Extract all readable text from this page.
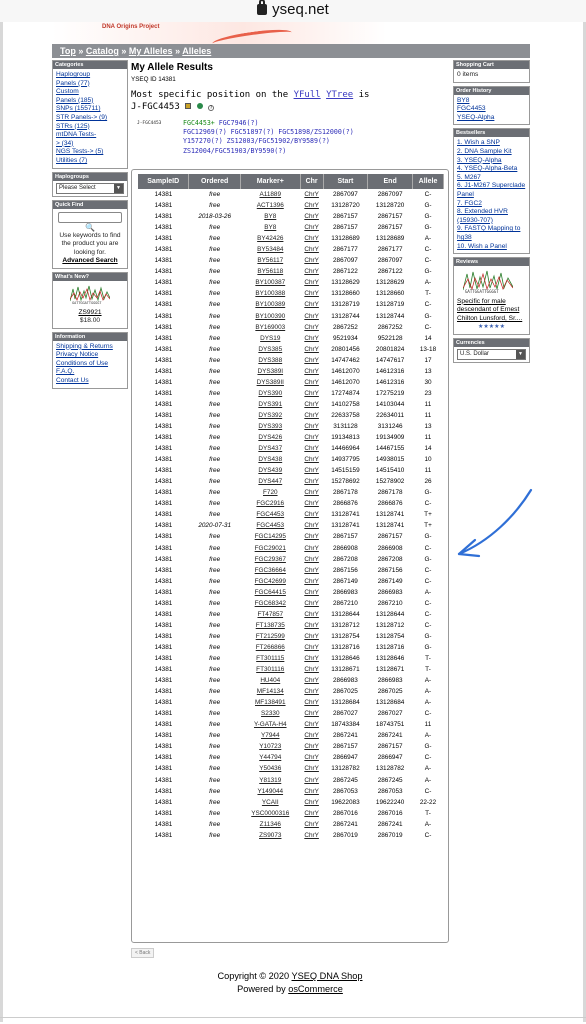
yseq.net
DNA Origins Project
Top » Catalog » My Alleles » Alleles
Categories
Haplogroup
Panels (77)
Custom
Panels (185)
SNPs (155711)
STR Panels-> (9)
STRs (125)
mtDNA Tests-
> (34)
NGS Tests-> (5)
Utilities (7)
Haplogroups
Please Select	▼
Quick Find
🔍
Use keywords to find the product you are looking for.
Advanced Search
What's New?
GATTGGATTGGGGT
ZS9921
$18.00
Information
Shipping & Returns
Privacy Notice
Conditions of Use
F.A.Q.
Contact Us
Shopping Cart
0 items
Order History
BY8
FGC4453
YSEQ-Alpha
Bestsellers
1. Wish a SNP
2. DNA Sample Kit
3. YSEQ-Alpha
4. YSEQ-Alpha-Beta
5. M267
6. J1-M267 Superclade Panel
7. FGC2
8. Extended HVR (15930-707)
9. FASTQ Mapping to hg38
10. Wish a Panel
Reviews
GATTGGATTGGGGT
Specific for male descendant of Ernest Chilton Lunsford, Sr....
★★★★★
Currencies
U.S. Dollar	▼
My Allele Results
YSEQ ID 14381
Most specific position on the YFull YTree is
J-FGC4453	?
J-FGC4453	FGC4453+ FGC7946(?)
FGC12969(?) FGC51897(?) FGC51898/ZS12000(?)
Y157270(?) ZS12003/FGC51902/BY9589(?)
ZS12004/FGC51903/BY9590(?)
SampleID	Ordered	Marker+	Chr	Start	End	Allele
14381	free	A11889	ChrY	2867097	2867097	C-
14381	free	ACT1396	ChrY	13128720	13128720	G-
14381	2018-03-26	BY8	ChrY	2867157	2867157	G-
14381	free	BY8	ChrY	2867157	2867157	G-
14381	free	BY42426	ChrY	13128689	13128689	A-
14381	free	BY53484	ChrY	2867177	2867177	C-
14381	free	BY56117	ChrY	2867097	2867097	C-
14381	free	BY56118	ChrY	2867122	2867122	G-
14381	free	BY100387	ChrY	13128629	13128629	A-
14381	free	BY100388	ChrY	13128660	13128660	T-
14381	free	BY100389	ChrY	13128719	13128719	C-
14381	free	BY100390	ChrY	13128744	13128744	G-
14381	free	BY169003	ChrY	2867252	2867252	C-
14381	free	DYS19	ChrY	9521934	9522128	14
14381	free	DYS385	ChrY	20801456	20801824	13-18
14381	free	DYS388	ChrY	14747462	14747617	17
14381	free	DYS389I	ChrY	14612070	14612316	13
14381	free	DYS389II	ChrY	14612070	14612316	30
14381	free	DYS390	ChrY	17274874	17275219	23
14381	free	DYS391	ChrY	14102758	14103044	11
14381	free	DYS392	ChrY	22633758	22634011	11
14381	free	DYS393	ChrY	3131128	3131246	13
14381	free	DYS426	ChrY	19134813	19134909	11
14381	free	DYS437	ChrY	14466964	14467155	14
14381	free	DYS438	ChrY	14937795	14938015	10
14381	free	DYS439	ChrY	14515159	14515410	11
14381	free	DYS447	ChrY	15278692	15278902	26
14381	free	F720	ChrY	2867178	2867178	G-
14381	free	FGC2916	ChrY	2866876	2866876	C-
14381	free	FGC4453	ChrY	13128741	13128741	T+
14381	2020-07-31	FGC4453	ChrY	13128741	13128741	T+
14381	free	FGC14295	ChrY	2867157	2867157	G-
14381	free	FGC29021	ChrY	2866908	2866908	C-
14381	free	FGC29367	ChrY	2867208	2867208	G-
14381	free	FGC36664	ChrY	2867156	2867156	C-
14381	free	FGC42699	ChrY	2867149	2867149	C-
14381	free	FGC64415	ChrY	2866983	2866983	A-
14381	free	FGC68342	ChrY	2867210	2867210	C-
14381	free	FT47857	ChrY	13128644	13128644	C-
14381	free	FT138735	ChrY	13128712	13128712	C-
14381	free	FT212599	ChrY	13128754	13128754	G-
14381	free	FT266866	ChrY	13128716	13128716	G-
14381	free	FT301115	ChrY	13128646	13128646	T-
14381	free	FT301116	ChrY	13128671	13128671	T-
14381	free	HU404	ChrY	2866983	2866983	A-
14381	free	MF14134	ChrY	2867025	2867025	A-
14381	free	MF138491	ChrY	13128684	13128684	A-
14381	free	S2330	ChrY	2867027	2867027	C-
14381	free	Y-GATA-H4	ChrY	18743384	18743751	11
14381	free	Y7944	ChrY	2867241	2867241	A-
14381	free	Y10723	ChrY	2867157	2867157	G-
14381	free	Y44794	ChrY	2866947	2866947	C-
14381	free	Y50436	ChrY	13128782	13128782	A-
14381	free	Y81319	ChrY	2867245	2867245	A-
14381	free	Y149044	ChrY	2867053	2867053	C-
14381	free	YCAII	ChrY	19622083	19622240	22-22
14381	free	YSC0000316	ChrY	2867016	2867016	T-
14381	free	Z11346	ChrY	2867241	2867241	A-
14381	free	ZS9073	ChrY	2867019	2867019	C-
< Back
Copyright © 2020 YSEQ DNA Shop
Powered by osCommerce
